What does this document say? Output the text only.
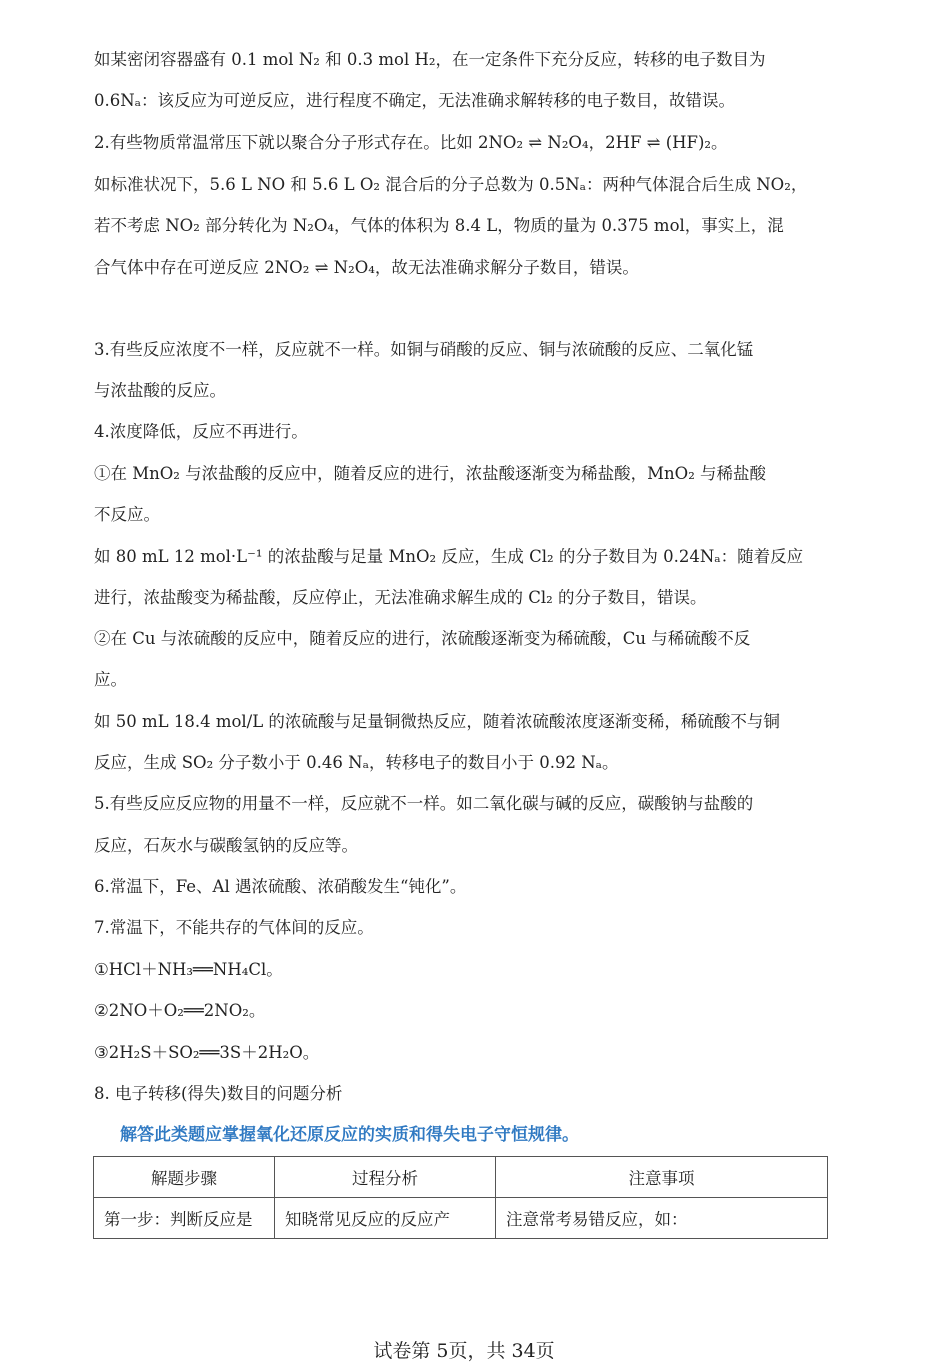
如某密闭容器盛有 0.1 mol N₂ 和 0.3 mol H₂，在一定条件下充分反应，转移的电子数目为
0.6Nₐ：该反应为可逆反应，进行程度不确定，无法准确求解转移的电子数目，故错误。
2.有些物质常温常压下就以聚合分子形式存在。比如 2NO₂ ⇌ N₂O₄，2HF ⇌ (HF)₂。
如标准状况下，5.6 L NO 和 5.6 L O₂ 混合后的分子总数为 0.5Nₐ：两种气体混合后生成 NO₂，
若不考虑 NO₂ 部分转化为 N₂O₄，气体的体积为 8.4 L，物质的量为 0.375 mol，事实上，混
合气体中存在可逆反应 2NO₂ ⇌ N₂O₄，故无法准确求解分子数目，错误。
3.有些反应浓度不一样，反应就不一样。如铜与硝酸的反应、铜与浓硫酸的反应、二氧化锰
与浓盐酸的反应。
4.浓度降低，反应不再进行。
①在 MnO₂ 与浓盐酸的反应中，随着反应的进行，浓盐酸逐渐变为稀盐酸，MnO₂ 与稀盐酸
不反应。
如 80 mL 12 mol·L⁻¹ 的浓盐酸与足量 MnO₂ 反应，生成 Cl₂ 的分子数目为 0.24Nₐ：随着反应
进行，浓盐酸变为稀盐酸，反应停止，无法准确求解生成的 Cl₂ 的分子数目，错误。
②在 Cu 与浓硫酸的反应中，随着反应的进行，浓硫酸逐渐变为稀硫酸，Cu 与稀硫酸不反
应。
如 50 mL 18.4 mol/L 的浓硫酸与足量铜微热反应，随着浓硫酸浓度逐渐变稀，稀硫酸不与铜
反应，生成 SO₂ 分子数小于 0.46 Nₐ，转移电子的数目小于 0.92 Nₐ。
5.有些反应反应物的用量不一样，反应就不一样。如二氧化碳与碱的反应，碳酸钠与盐酸的
反应，石灰水与碳酸氢钠的反应等。
6.常温下，Fe、Al 遇浓硫酸、浓硝酸发生“钝化”。
7.常温下，不能共存的气体间的反应。
①HCl＋NH₃══NH₄Cl。
②2NO＋O₂══2NO₂。
③2H₂S＋SO₂══3S＋2H₂O。
8. 电子转移(得失)数目的问题分析
解答此类题应掌握氧化还原反应的实质和得失电子守恒规律。
解题步骤	过程分析	注意事项
第一步：判断反应是	知晓常见反应的反应产	注意常考易错反应，如：
试卷第 5页，共 34页
